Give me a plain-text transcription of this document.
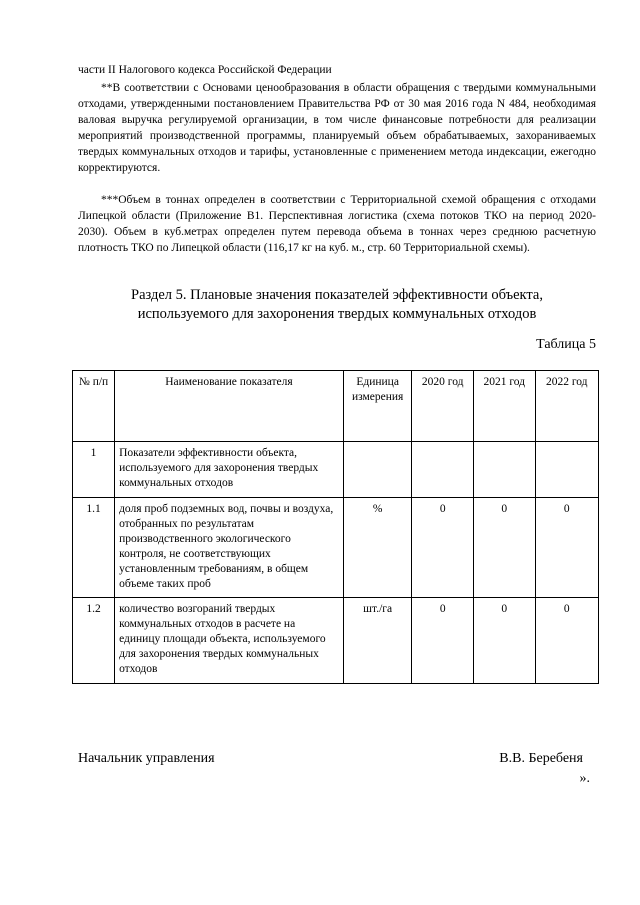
части II Налогового кодекса Российской Федерации

**В соответствии с Основами ценообразования в области обращения с твердыми коммунальными отходами, утвержденными постановлением Правительства РФ от 30 мая 2016 года N 484, необходимая валовая выручка регулируемой организации, в том числе финансовые потребности для реализации мероприятий производственной программы, планируемый объем обрабатываемых, захораниваемых твердых коммунальных отходов и тарифы, установленные с применением метода индексации, ежегодно корректируются.

***Объем в тоннах определен в соответствии с Территориальной схемой обращения с отходами Липецкой области (Приложение В1. Перспективная логистика (схема потоков ТКО на период 2020-2030). Объем в куб.метрах определен путем перевода объема в тоннах через среднюю расчетную плотность ТКО по Липецкой области (116,17 кг на куб. м., стр. 60 Территориальной схемы).

Раздел 5. Плановые значения показателей эффективности объекта,
используемого для захоронения твердых коммунальных отходов
Таблица 5
№ п/п	Наименование показателя	Единица измерения	2020 год	2021 год	2022 год
1	Показатели эффективности объекта, используемого для захоронения твердых коммунальных отходов				
1.1	доля проб подземных вод, почвы и воздуха, отобранных по результатам производственного экологического контроля, не соответствующих установленным требованиям, в общем объеме таких проб	%	0	0	0
1.2	количество возгораний твердых коммунальных отходов в расчете на единицу площади объекта, используемого для захоронения твердых коммунальных отходов	шт./га	0	0	0
Начальник управления	В.В. Беребеня
».
